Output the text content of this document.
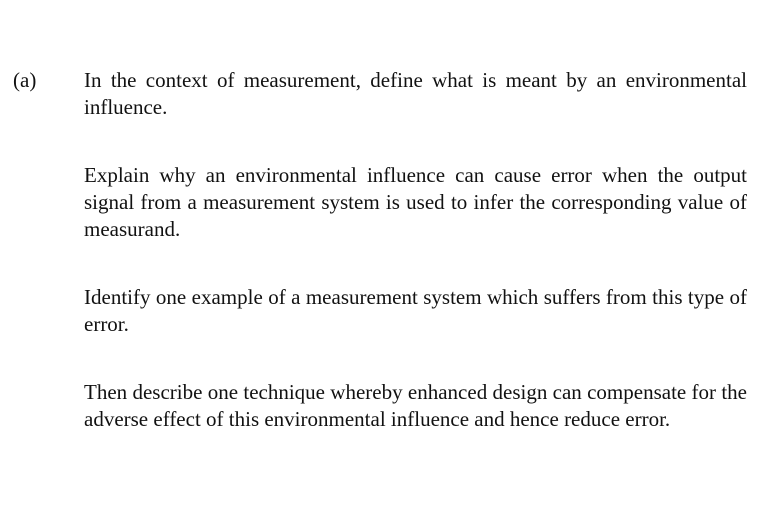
(a) In the context of measurement, define what is meant by an environmental influence.

Explain why an environmental influence can cause error when the output signal from a measurement system is used to infer the corresponding value of measurand.

Identify one example of a measurement system which suffers from this type of error.

Then describe one technique whereby enhanced design can compensate for the adverse effect of this environmental influence and hence reduce error.
